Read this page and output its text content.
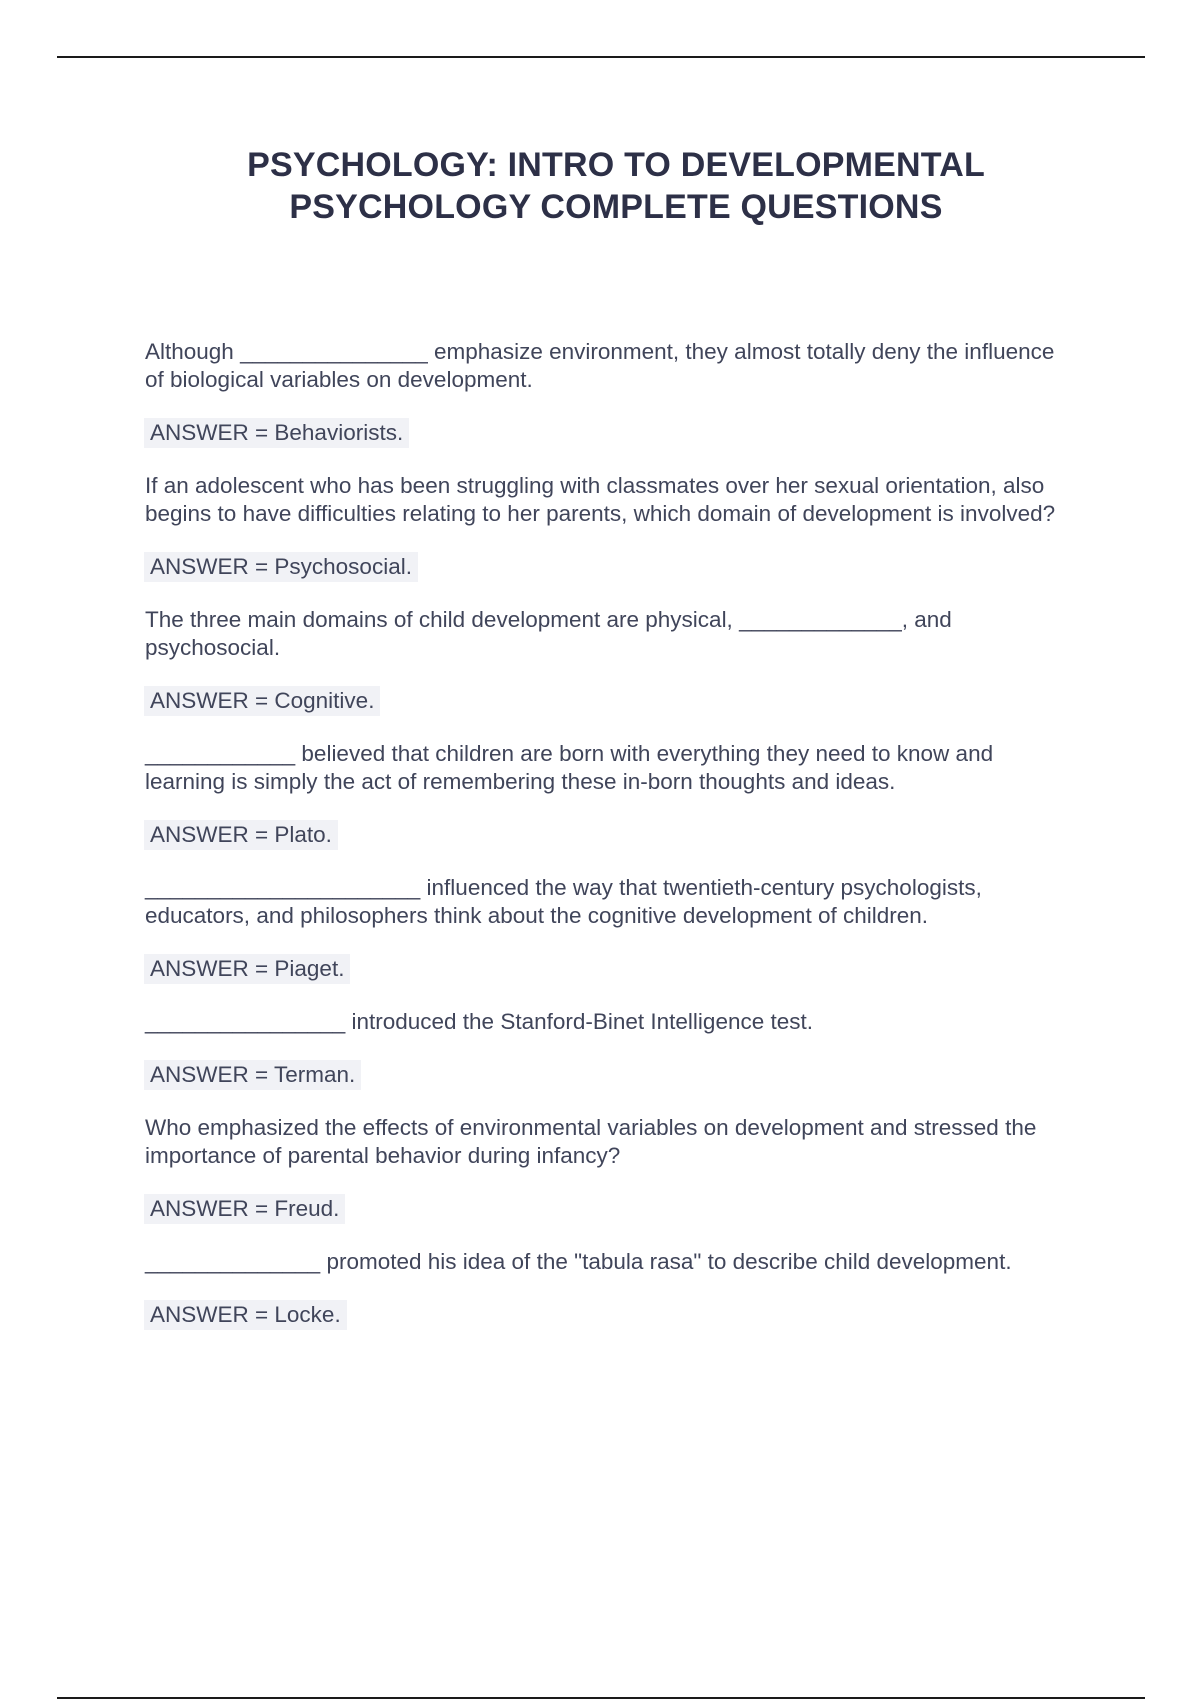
PSYCHOLOGY: INTRO TO DEVELOPMENTAL
PSYCHOLOGY COMPLETE QUESTIONS

Although _______________ emphasize environment, they almost totally deny the influence of biological variables on development.

ANSWER = Behaviorists.

If an adolescent who has been struggling with classmates over her sexual orientation, also begins to have difficulties relating to her parents, which domain of development is involved?

ANSWER = Psychosocial.

The three main domains of child development are physical, _____________, and psychosocial.

ANSWER = Cognitive.

____________ believed that children are born with everything they need to know and learning is simply the act of remembering these in-born thoughts and ideas.

ANSWER = Plato.

______________________ influenced the way that twentieth-century psychologists, educators, and philosophers think about the cognitive development of children.

ANSWER = Piaget.

________________ introduced the Stanford-Binet Intelligence test.

ANSWER = Terman.

Who emphasized the effects of environmental variables on development and stressed the importance of parental behavior during infancy?

ANSWER = Freud.

______________ promoted his idea of the "tabula rasa" to describe child development.

ANSWER = Locke.
